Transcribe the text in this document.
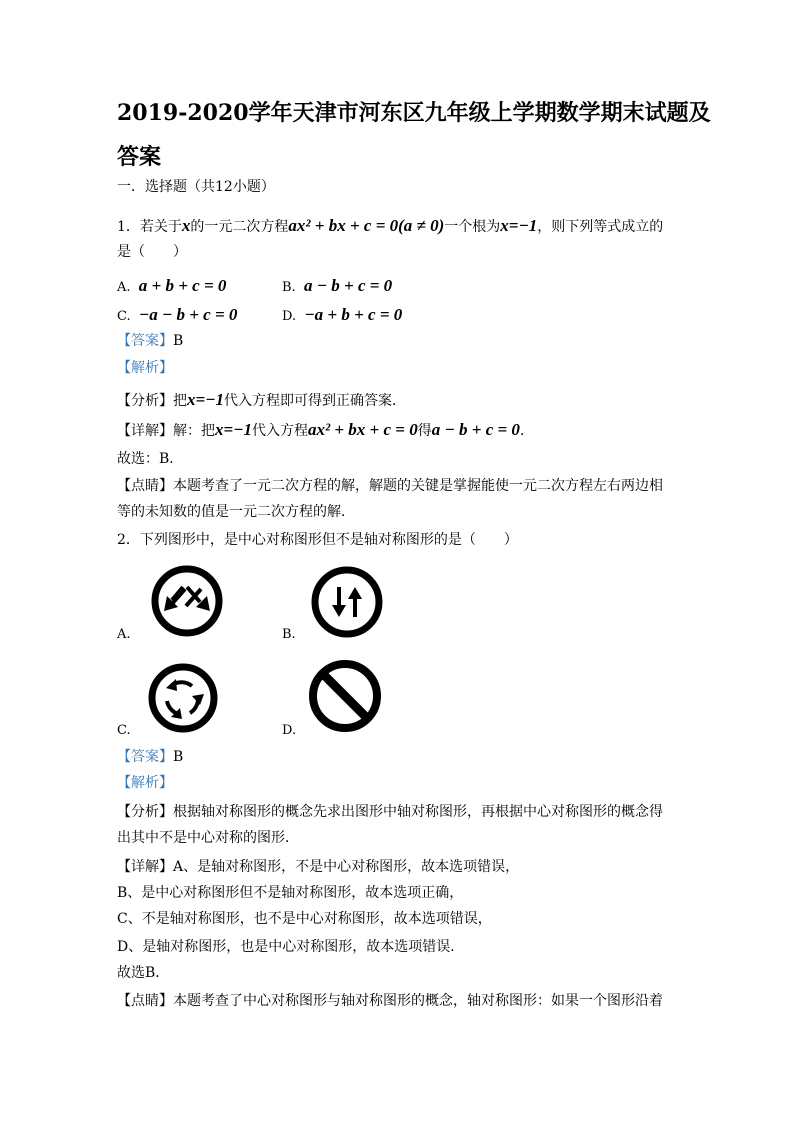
2019-2020学年天津市河东区九年级上学期数学期末试题及
答案
一．选择题（共12小题）
1．若关于x的一元二次方程ax² + bx + c = 0(a ≠ 0)一个根为x=−1，则下列等式成立的
是（　　）
A. a + b + c = 0	B. a − b + c = 0
C. −a − b + c = 0	D. −a + b + c = 0
【答案】B
【解析】
【分析】把x=−1代入方程即可得到正确答案．
【详解】解：把x=−1代入方程ax² + bx + c = 0得a − b + c = 0．
故选：B．
【点睛】本题考查了一元二次方程的解，解题的关键是掌握能使一元二次方程左右两边相
等的未知数的值是一元二次方程的解．
2．下列图形中，是中心对称图形但不是轴对称图形的是（　　）
A.	B.
C.	D.
【答案】B
【解析】
【分析】根据轴对称图形的概念先求出图形中轴对称图形，再根据中心对称图形的概念得
出其中不是中心对称的图形．
【详解】A、是轴对称图形，不是中心对称图形，故本选项错误，
B、是中心对称图形但不是轴对称图形，故本选项正确，
C、不是轴对称图形，也不是中心对称图形，故本选项错误，
D、是轴对称图形，也是中心对称图形，故本选项错误．
故选B．
【点睛】本题考查了中心对称图形与轴对称图形的概念，轴对称图形：如果一个图形沿着
